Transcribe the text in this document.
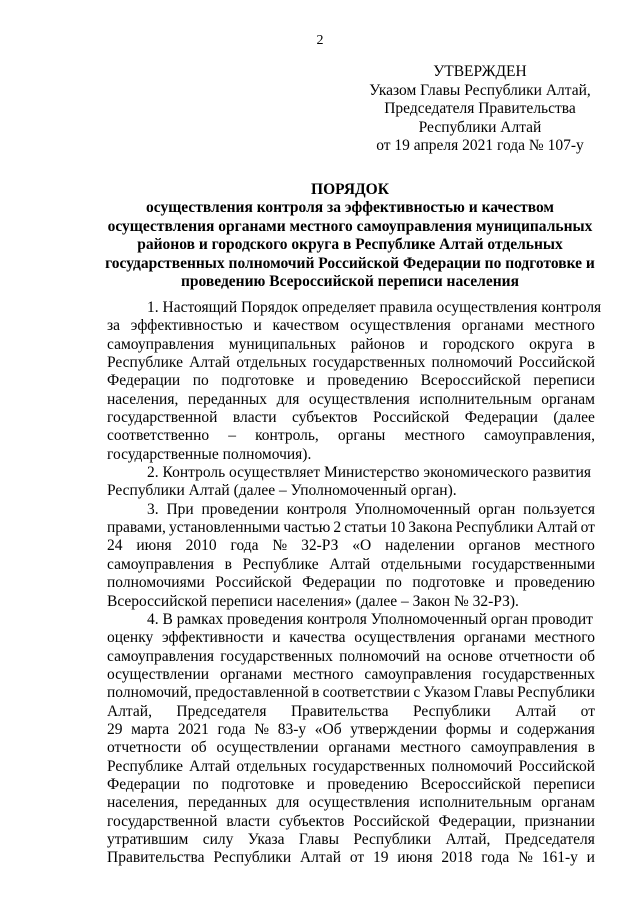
2
УТВЕРЖДЕН
Указом Главы Республики Алтай,
Председателя Правительства
Республики Алтай
от 19 апреля 2021 года № 107-у
ПОРЯДОК
осуществления контроля за эффективностью и качеством
осуществления органами местного самоуправления муниципальных
районов и городского округа в Республике Алтай отдельных
государственных полномочий Российской Федерации по подготовке и
проведению Всероссийской переписи населения
1. Настоящий Порядок определяет правила осуществления контроля
за эффективностью и качеством осуществления органами местного
самоуправления муниципальных районов и городского округа в
Республике Алтай отдельных государственных полномочий Российской
Федерации по подготовке и проведению Всероссийской переписи
населения, переданных для осуществления исполнительным органам
государственной власти субъектов Российской Федерации (далее
соответственно – контроль, органы местного самоуправления,
государственные полномочия).
2. Контроль осуществляет Министерство экономического развития
Республики Алтай (далее – Уполномоченный орган).
3. При проведении контроля Уполномоченный орган пользуется
правами, установленными частью 2 статьи 10 Закона Республики Алтай от
24 июня 2010 года № 32-РЗ «О наделении органов местного
самоуправления в Республике Алтай отдельными государственными
полномочиями Российской Федерации по подготовке и проведению
Всероссийской переписи населения» (далее – Закон № 32-РЗ).
4. В рамках проведения контроля Уполномоченный орган проводит
оценку эффективности и качества осуществления органами местного
самоуправления государственных полномочий на основе отчетности об
осуществлении органами местного самоуправления государственных
полномочий, предоставленной в соответствии с Указом Главы Республики
Алтай, Председателя Правительства Республики Алтай от
29 марта 2021 года № 83-у «Об утверждении формы и содержания
отчетности об осуществлении органами местного самоуправления в
Республике Алтай отдельных государственных полномочий Российской
Федерации по подготовке и проведению Всероссийской переписи
населения, переданных для осуществления исполнительным органам
государственной власти субъектов Российской Федерации, признании
утратившим силу Указа Главы Республики Алтай, Председателя
Правительства Республики Алтай от 19 июня 2018 года № 161-у и
